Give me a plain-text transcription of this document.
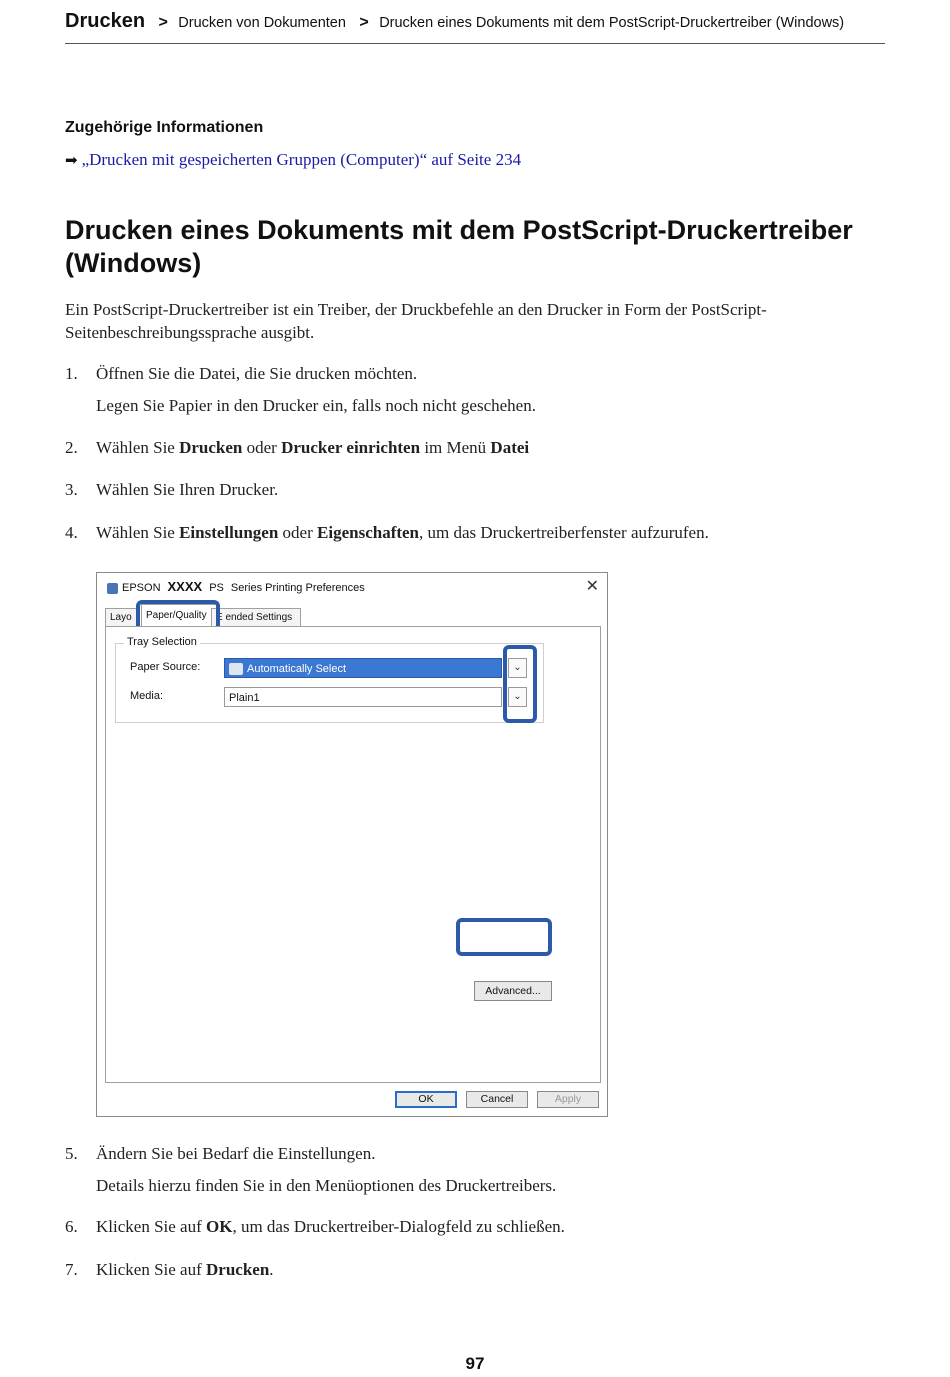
Drucken > Drucken von Dokumenten > Drucken eines Dokuments mit dem PostScript-Druckertreiber (Windows)
Zugehörige Informationen
➡ „Drucken mit gespeicherten Gruppen (Computer)“ auf Seite 234
Drucken eines Dokuments mit dem PostScript-Druckertreiber (Windows)
Ein PostScript-Druckertreiber ist ein Treiber, der Druckbefehle an den Drucker in Form der PostScript-Seitenbeschreibungssprache ausgibt.
1. Öffnen Sie die Datei, die Sie drucken möchten.
Legen Sie Papier in den Drucker ein, falls noch nicht geschehen.
2. Wählen Sie Drucken oder Drucker einrichten im Menü Datei
3. Wählen Sie Ihren Drucker.
4. Wählen Sie Einstellungen oder Eigenschaften, um das Druckertreiberfenster aufzurufen.
EPSON XXXX PS Series Printing Preferences	✕
Layo	Paper/Quality E ended Settings
Tray Selection
Paper Source:	Automatically Select	⌄
Media:	Plain1	⌄
Advanced...
OK	Cancel	Apply
5. Ändern Sie bei Bedarf die Einstellungen.
Details hierzu finden Sie in den Menüoptionen des Druckertreibers.
6. Klicken Sie auf OK, um das Druckertreiber-Dialogfeld zu schließen.
7. Klicken Sie auf Drucken.
97
